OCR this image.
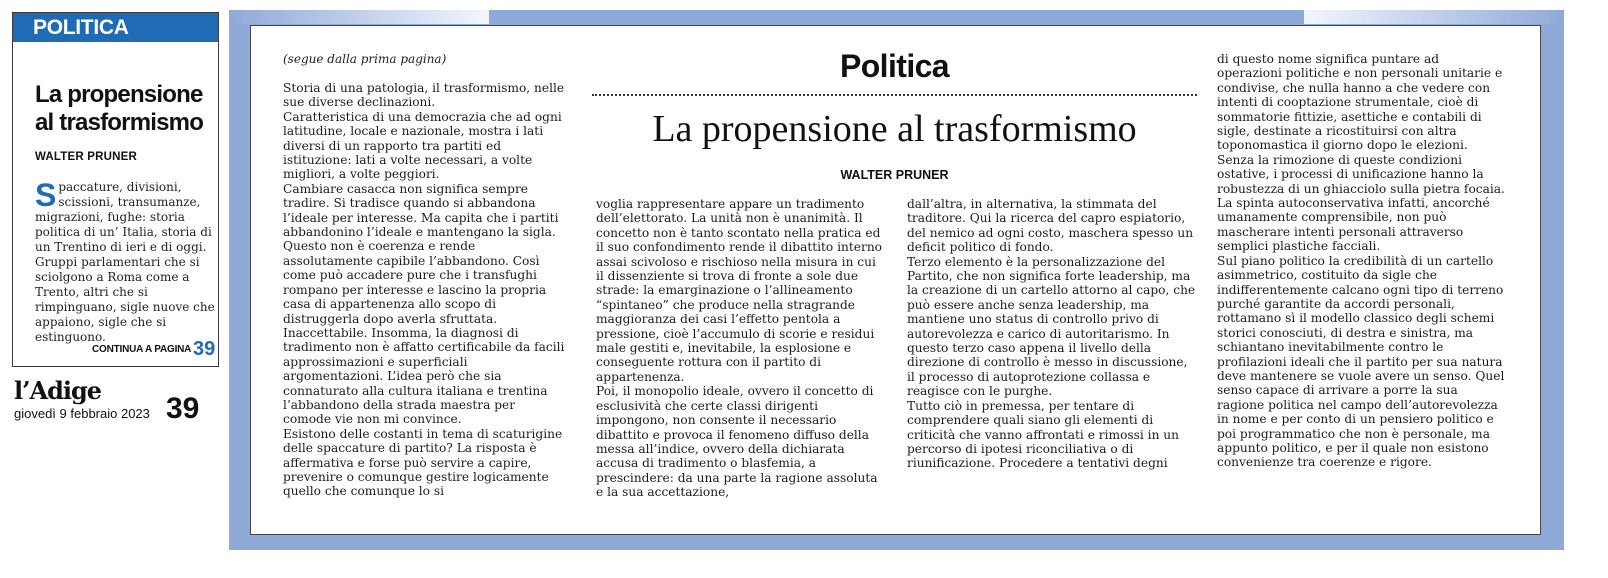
POLITICA
La propensione
al trasformismo
WALTER PRUNER
Spaccature, divisioni, scissioni, transumanze, migrazioni, fughe: storia politica di un’ Italia, storia di un Trentino di ieri e di oggi. Gruppi parlamentari che si sciolgono a Roma come a Trento, altri che si rimpinguano, sigle nuove che appaiono, sigle che si estinguono.
CONTINUA A PAGINA 39
l’Adige
giovedì 9 febbraio 2023 39
(segue dalla prima pagina)	Politica
La propensione al trasformismo
WALTER PRUNER

Storia di una patologia, il trasformismo, nelle sue diverse declinazioni.

Caratteristica di una democrazia che ad ogni latitudine, locale e nazionale, mostra i lati diversi di un rapporto tra partiti ed istituzione: lati a volte necessari, a volte migliori, a volte peggiori.

Cambiare casacca non significa sempre tradire. Si tradisce quando si abbandona l’ideale per interesse. Ma capita che i partiti abbandonino l’ideale e mantengano la sigla. Questo non è coerenza e rende assolutamente capibile l’abbandono. Così come può accadere pure che i transfughi rompano per interesse e lascino la propria casa di appartenenza allo scopo di distruggerla dopo averla sfruttata. Inaccettabile. Insomma, la diagnosi di tradimento non è affatto certificabile da facili approssimazioni e superficiali argomentazioni. L’idea però che sia connaturato alla cultura italiana e trentina l’abbandono della strada maestra per comode vie non mi convince.

Esistono delle costanti in tema di scaturigine delle spaccature di partito? La risposta è affermativa e forse può servire a capire, prevenire o comunque gestire logicamente quello che comunque lo si

voglia rappresentare appare un tradimento dell’elettorato. La unità non è unanimità. Il concetto non è tanto scontato nella pratica ed il suo confondimento rende il dibattito interno assai scivoloso e rischioso nella misura in cui il dissenziente si trova di fronte a sole due strade: la emarginazione o l’allineamento “spintaneo” che produce nella stragrande maggioranza dei casi l’effetto pentola a pressione, cioè l’accumulo di scorie e residui male gestiti e, inevitabile, la esplosione e conseguente rottura con il partito di appartenenza.

Poi, il monopolio ideale, ovvero il concetto di esclusività che certe classi dirigenti impongono, non consente il necessario dibattito e provoca il fenomeno diffuso della messa all’indice, ovvero della dichiarata accusa di tradimento o blasfemia, a prescindere: da una parte la ragione assoluta e la sua accettazione,

dall’altra, in alternativa, la stimmata del traditore. Qui la ricerca del capro espiatorio, del nemico ad ogni costo, maschera spesso un deficit politico di fondo.

Terzo elemento è la personalizzazione del Partito, che non significa forte leadership, ma la creazione di un cartello attorno al capo, che può essere anche senza leadership, ma mantiene uno status di controllo privo di autorevolezza e carico di autoritarismo. In questo terzo caso appena il livello della direzione di controllo è messo in discussione, il processo di autoprotezione collassa e reagisce con le purghe.

Tutto ciò in premessa, per tentare di comprendere quali siano gli elementi di criticità che vanno affrontati e rimossi in un percorso di ipotesi riconciliativa o di riunificazione. Procedere a tentativi degni

di questo nome significa puntare ad operazioni politiche e non personali unitarie e condivise, che nulla hanno a che vedere con intenti di cooptazione strumentale, cioè di sommatorie fittizie, asettiche e contabili di sigle, destinate a ricostituirsi con altra toponomastica il giorno dopo le elezioni.

Senza la rimozione di queste condizioni ostative, i processi di unificazione hanno la robustezza di un ghiacciolo sulla pietra focaia. La spinta autoconservativa infatti, ancorché umanamente comprensibile, non può mascherare intenti personali attraverso semplici plastiche facciali.

Sul piano politico la credibilità di un cartello asimmetrico, costituito da sigle che indifferentemente calcano ogni tipo di terreno purché garantite da accordi personali, rottamano sì il modello classico degli schemi storici conosciuti, di destra e sinistra, ma schiantano inevitabilmente contro le profilazioni ideali che il partito per sua natura deve mantenere se vuole avere un senso. Quel senso capace di arrivare a porre la sua ragione politica nel campo dell’autorevolezza in nome e per conto di un pensiero politico e poi programmatico che non è personale, ma appunto politico, e per il quale non esistono convenienze tra coerenze e rigore.
